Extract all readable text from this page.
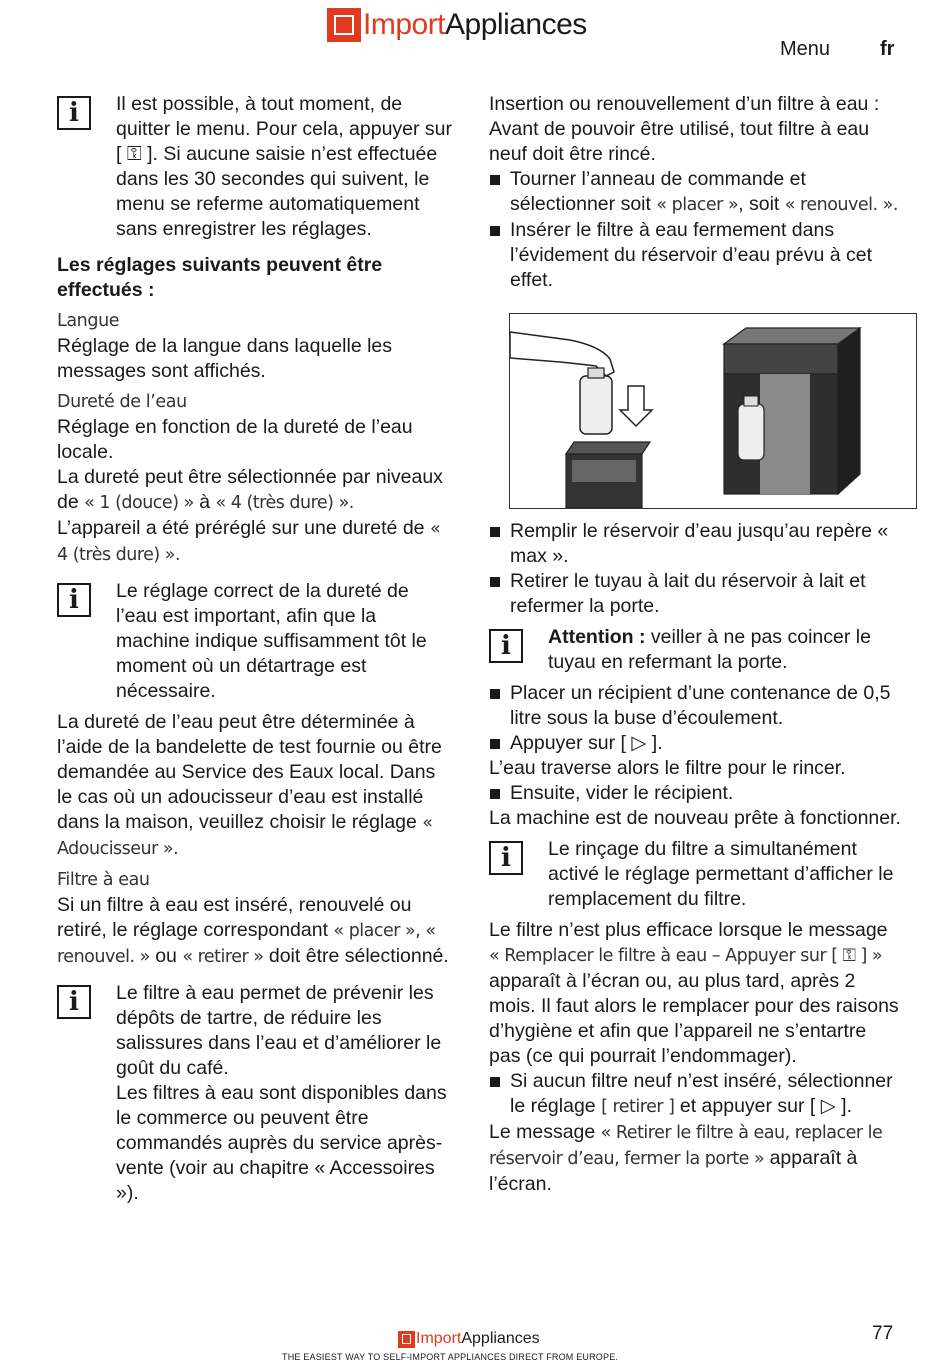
Import Appliances
Menu fr
i	Il est possible, à tout moment, de quitter le menu. Pour cela, appuyer sur [ ⚿ ]. Si aucune saisie n’est effectuée dans les 30 secondes qui suivent, le menu se referme automatiquement sans enregistrer les réglages.

Les réglages suivants peuvent être effectués :

Langue

Réglage de la langue dans laquelle les messages sont affichés.

Dureté de l’eau

Réglage en fonction de la dureté de l’eau locale.

La dureté peut être sélectionnée par niveaux de « 1 (douce) » à « 4 (très dure) ».

L’appareil a été préréglé sur une dureté de « 4 (très dure) ».

i	Le réglage correct de la dureté de l’eau est important, afin que la machine indique suffisamment tôt le moment où un détartrage est nécessaire.

La dureté de l’eau peut être déterminée à l’aide de la bandelette de test fournie ou être demandée au Service des Eaux local. Dans le cas où un adoucisseur d’eau est installé dans la maison, veuillez choisir le réglage « Adoucisseur ».

Filtre à eau

Si un filtre à eau est inséré, renouvelé ou retiré, le réglage correspondant « placer », « renouvel. » ou « retirer » doit être sélectionné.

i	Le filtre à eau permet de prévenir les dépôts de tartre, de réduire les salissures dans l’eau et d’améliorer le goût du café.

Les filtres à eau sont disponibles dans le commerce ou peuvent être commandés auprès du service après-vente (voir au chapitre « Accessoires »).

Insertion ou renouvellement d’un filtre à eau :

Avant de pouvoir être utilisé, tout filtre à eau neuf doit être rincé.

Tourner l’anneau de commande et sélectionner soit « placer », soit « renouvel. ».
Insérer le filtre à eau fermement dans l’évidement du réservoir d’eau prévu à cet effet.
Remplir le réservoir d’eau jusqu’au repère « max ».
Retirer le tuyau à lait du réservoir à lait et refermer la porte.
i	Attention : veiller à ne pas coincer le tuyau en refermant la porte.
Placer un récipient d’une contenance de 0,5 litre sous la buse d’écoulement.
Appuyer sur [ ▷ ].

L’eau traverse alors le filtre pour le rincer.

Ensuite, vider le récipient.

La machine est de nouveau prête à fonctionner.

i	Le rinçage du filtre a simultanément activé le réglage permettant d’afficher le remplacement du filtre.

Le filtre n’est plus efficace lorsque le message « Remplacer le filtre à eau – Appuyer sur [ ⚿ ] » apparaît à l’écran ou, au plus tard, après 2 mois. Il faut alors le remplacer pour des raisons d’hygiène et afin que l’appareil ne s’entartre pas (ce qui pourrait l’endommager).

Si aucun filtre neuf n’est inséré, sélectionner le réglage [ retirer ] et appuyer sur [ ▷ ].

Le message « Retirer le filtre à eau, replacer le réservoir d’eau, fermer la porte » apparaît à l’écran.

77
Import Appliances
THE EASIEST WAY TO SELF-IMPORT APPLIANCES DIRECT FROM EUROPE.
